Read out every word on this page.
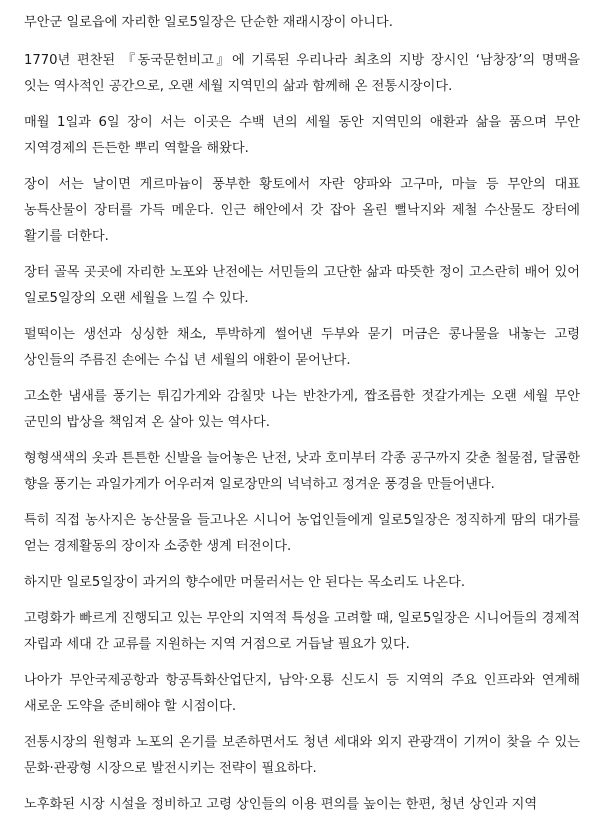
무안군 일로읍에 자리한 일로5일장은 단순한 재래시장이 아니다.

1770년 편찬된 『동국문헌비고』에 기록된 우리나라 최초의 지방 장시인 ‘남창장’의 명맥을 잇는 역사적인 공간으로, 오랜 세월 지역민의 삶과 함께해 온 전통시장이다.

매월 1일과 6일 장이 서는 이곳은 수백 년의 세월 동안 지역민의 애환과 삶을 품으며 무안 지역경제의 든든한 뿌리 역할을 해왔다.

장이 서는 날이면 게르마늄이 풍부한 황토에서 자란 양파와 고구마, 마늘 등 무안의 대표 농특산물이 장터를 가득 메운다. 인근 해안에서 갓 잡아 올린 뻘낙지와 제철 수산물도 장터에 활기를 더한다.

장터 골목 곳곳에 자리한 노포와 난전에는 서민들의 고단한 삶과 따뜻한 정이 고스란히 배어 있어 일로5일장의 오랜 세월을 느낄 수 있다.

펄떡이는 생선과 싱싱한 채소, 투박하게 썰어낸 두부와 묻기 머금은 콩나물을 내놓는 고령 상인들의 주름진 손에는 수십 년 세월의 애환이 묻어난다.

고소한 냄새를 풍기는 튀김가게와 감칠맛 나는 반찬가게, 짭조름한 젓갈가게는 오랜 세월 무안 군민의 밥상을 책임져 온 살아 있는 역사다.

형형색색의 옷과 튼튼한 신발을 늘어놓은 난전, 낫과 호미부터 각종 공구까지 갖춘 철물점, 달콤한 향을 풍기는 과일가게가 어우러져 일로장만의 넉넉하고 정겨운 풍경을 만들어낸다.

특히 직접 농사지은 농산물을 들고나온 시니어 농업인들에게 일로5일장은 정직하게 땀의 대가를 얻는 경제활동의 장이자 소중한 생계 터전이다.

하지만 일로5일장이 과거의 향수에만 머물러서는 안 된다는 목소리도 나온다.

고령화가 빠르게 진행되고 있는 무안의 지역적 특성을 고려할 때, 일로5일장은 시니어들의 경제적 자립과 세대 간 교류를 지원하는 지역 거점으로 거듭날 필요가 있다.

나아가 무안국제공항과 항공특화산업단지, 남악·오룡 신도시 등 지역의 주요 인프라와 연계해 새로운 도약을 준비해야 할 시점이다.

전통시장의 원형과 노포의 온기를 보존하면서도 청년 세대와 외지 관광객이 기꺼이 찾을 수 있는 문화·관광형 시장으로 발전시키는 전략이 필요하다.

노후화된 시장 시설을 정비하고 고령 상인들의 이용 편의를 높이는 한편, 청년 상인과 지역
